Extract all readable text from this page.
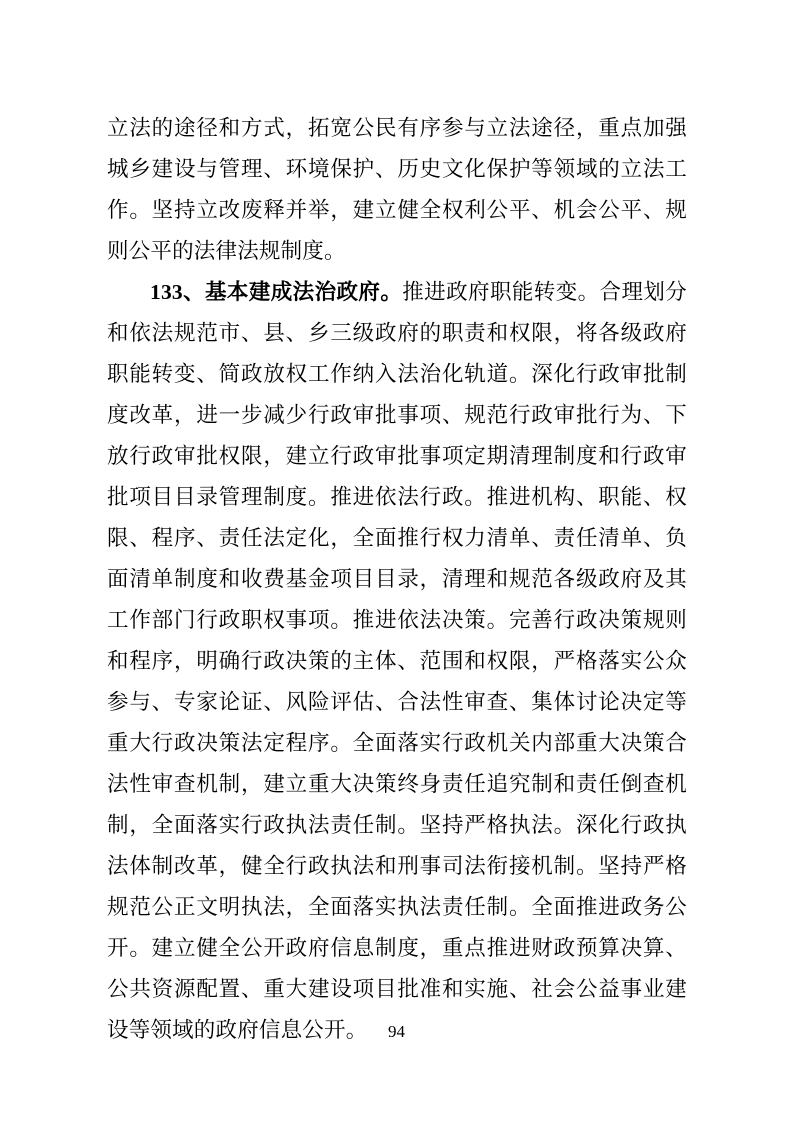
立法的途径和方式，拓宽公民有序参与立法途径，重点加强城乡建设与管理、环境保护、历史文化保护等领域的立法工作。坚持立改废释并举，建立健全权利公平、机会公平、规则公平的法律法规制度。

133、基本建成法治政府。推进政府职能转变。合理划分和依法规范市、县、乡三级政府的职责和权限，将各级政府职能转变、简政放权工作纳入法治化轨道。深化行政审批制度改革，进一步减少行政审批事项、规范行政审批行为、下放行政审批权限，建立行政审批事项定期清理制度和行政审批项目目录管理制度。推进依法行政。推进机构、职能、权限、程序、责任法定化，全面推行权力清单、责任清单、负面清单制度和收费基金项目目录，清理和规范各级政府及其工作部门行政职权事项。推进依法决策。完善行政决策规则和程序，明确行政决策的主体、范围和权限，严格落实公众参与、专家论证、风险评估、合法性审查、集体讨论决定等重大行政决策法定程序。全面落实行政机关内部重大决策合法性审查机制，建立重大决策终身责任追究制和责任倒查机制，全面落实行政执法责任制。坚持严格执法。深化行政执法体制改革，健全行政执法和刑事司法衔接机制。坚持严格规范公正文明执法，全面落实执法责任制。全面推进政务公开。建立健全公开政府信息制度，重点推进财政预算决算、公共资源配置、重大建设项目批准和实施、社会公益事业建设等领域的政府信息公开。	94
